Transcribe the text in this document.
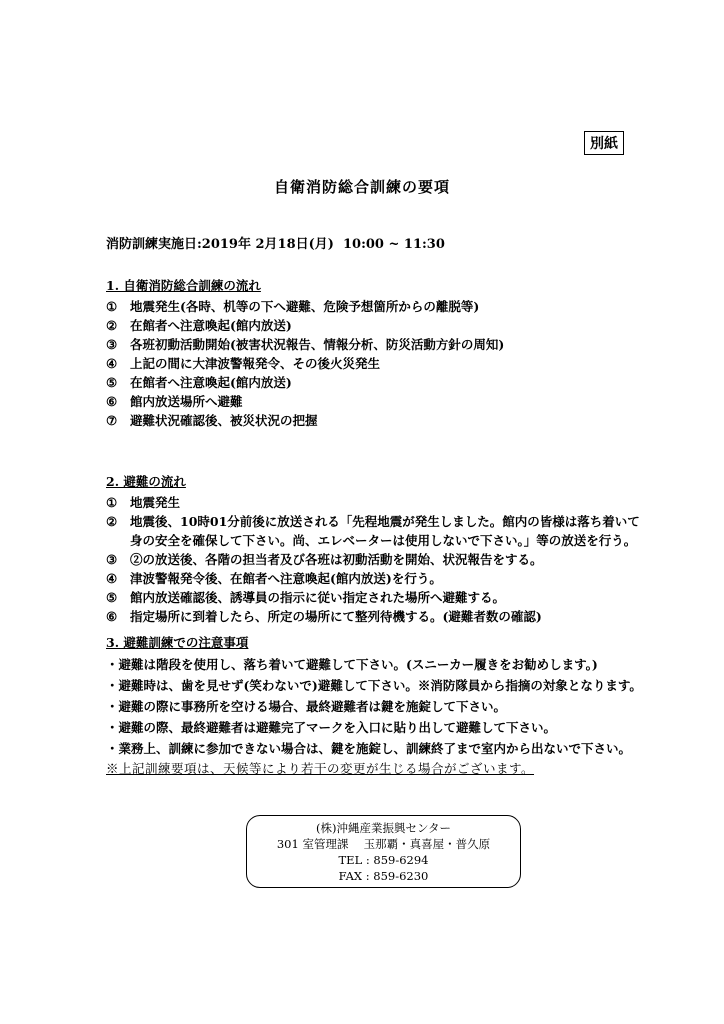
別紙
自衛消防総合訓練の要項
消防訓練実施日:2019年 2月18日(月)  10:00 ~ 11:30
1. 自衛消防総合訓練の流れ
①	地震発生(各時、机等の下へ避難、危険予想箇所からの離脱等)
②	在館者へ注意喚起(館内放送)
③	各班初動活動開始(被害状況報告、情報分析、防災活動方針の周知)
④	上記の間に大津波警報発令、その後火災発生
⑤	在館者へ注意喚起(館内放送)
⑥	館内放送場所へ避難
⑦	避難状況確認後、被災状況の把握
2. 避難の流れ
①	地震発生
②	地震後、10時01分前後に放送される「先程地震が発生しました。館内の皆様は落ち着いて
身の安全を確保して下さい。尚、エレベーターは使用しないで下さい。」等の放送を行う。
③	②の放送後、各階の担当者及び各班は初動活動を開始、状況報告をする。
④	津波警報発令後、在館者へ注意喚起(館内放送)を行う。
⑤	館内放送確認後、誘導員の指示に従い指定された場所へ避難する。
⑥	指定場所に到着したら、所定の場所にて整列待機する。(避難者数の確認)
3. 避難訓練での注意事項
・避難は階段を使用し、落ち着いて避難して下さい。(スニーカー履きをお勧めします。)
・避難時は、歯を見せず(笑わないで)避難して下さい。※消防隊員から指摘の対象となります。
・避難の際に事務所を空ける場合、最終避難者は鍵を施錠して下さい。
・避難の際、最終避難者は避難完了マークを入口に貼り出して避難して下さい。
・業務上、訓練に参加できない場合は、鍵を施錠し、訓練終了まで室内から出ないで下さい。
※上記訓練要項は、天候等により若干の変更が生じる場合がございます。
(株)沖縄産業振興センター
301 室管理課　 玉那覇・真喜屋・普久原
TEL : 859-6294
FAX : 859-6230
